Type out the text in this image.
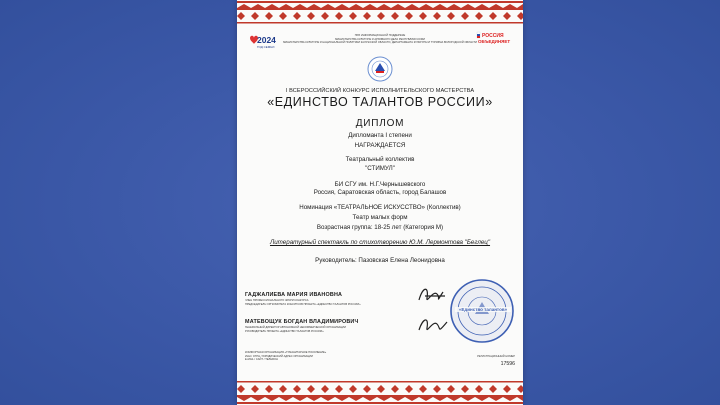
ПРИ ИНФОРМАЦИОННОЙ ПОДДЕРЖКЕ
МИНИСТЕРСТВА КУЛЬТУРЫ И АРХИВНОГО ДЕЛА РЕСПУБЛИКИ КОМИ
МИНИСТЕРСТВА КУЛЬТУРЫ И НАЦИОНАЛЬНОЙ ПОЛИТИКИ КАЛУЖСКОЙ ОБЛАСТИ, ДЕПАРТАМЕНТА КУЛЬТУРЫ И ТУРИЗМА ВОЛОГОДСКОЙ ОБЛАСТИ
2024
ГОД СЕМЬИ
РОССИЯ
ОБЪЕДИНЯЕТ
I ВСЕРОССИЙСКИЙ КОНКУРС ИСПОЛНИТЕЛЬСКОГО МАСТЕРСТВА
«ЕДИНСТВО ТАЛАНТОВ РОССИИ»
ДИПЛОМ
Дипломанта I степени
НАГРАЖДАЕТСЯ
Театральный коллектив
"СТИМУЛ"
БИ СГУ им. Н.Г.Чернышевского
Россия, Саратовская область, город Балашов
Номинация «ТЕАТРАЛЬНОЕ ИСКУССТВО» (Коллектив)
Театр малых форм
Возрастная группа: 18-25 лет (Категория М)
Литературный спектакль по стихотворению Ю.М. Лермонтова "Беглец"
Руководитель: Пазовская Елена Леонидовна
ГАДЖАЛИЕВА МАРИЯ ИВАНОВНА
ЧЛЕН ПРОФЕССИОНАЛЬНОГО ЖЮРИ КОНКУРСА
ПРЕДСЕДАТЕЛЬ ОРГКОМИТЕТА КОНКУРСОВ ПРОЕКТА «ЕДИНСТВО ТАЛАНТОВ РОССИИ»
МАТЕВОЩУК БОГДАН ВЛАДИМИРОВИЧ
ГЕНЕРАЛЬНЫЙ ДИРЕКТОР АВТОНОМНОЙ НЕКОММЕРЧЕСКОЙ ОРГАНИЗАЦИИ
РУКОВОДИТЕЛЬ ПРОЕКТА «ЕДИНСТВО ТАЛАНТОВ РОССИИ»
«Единство талантов»
КОМФОРТНАЯ ОРГАНИЗАЦИЯ «ГУМАНИТАРНОЕ ПОКОЛЕНИЕ»
ИНН / ОГРН / ЮРИДИЧЕСКИЙ АДРЕС ОРГАНИЗАЦИИ
E-MAIL / САЙТ / ТЕЛЕФОН
РЕГИСТРАЦИОННЫЙ НОМЕР
17596
